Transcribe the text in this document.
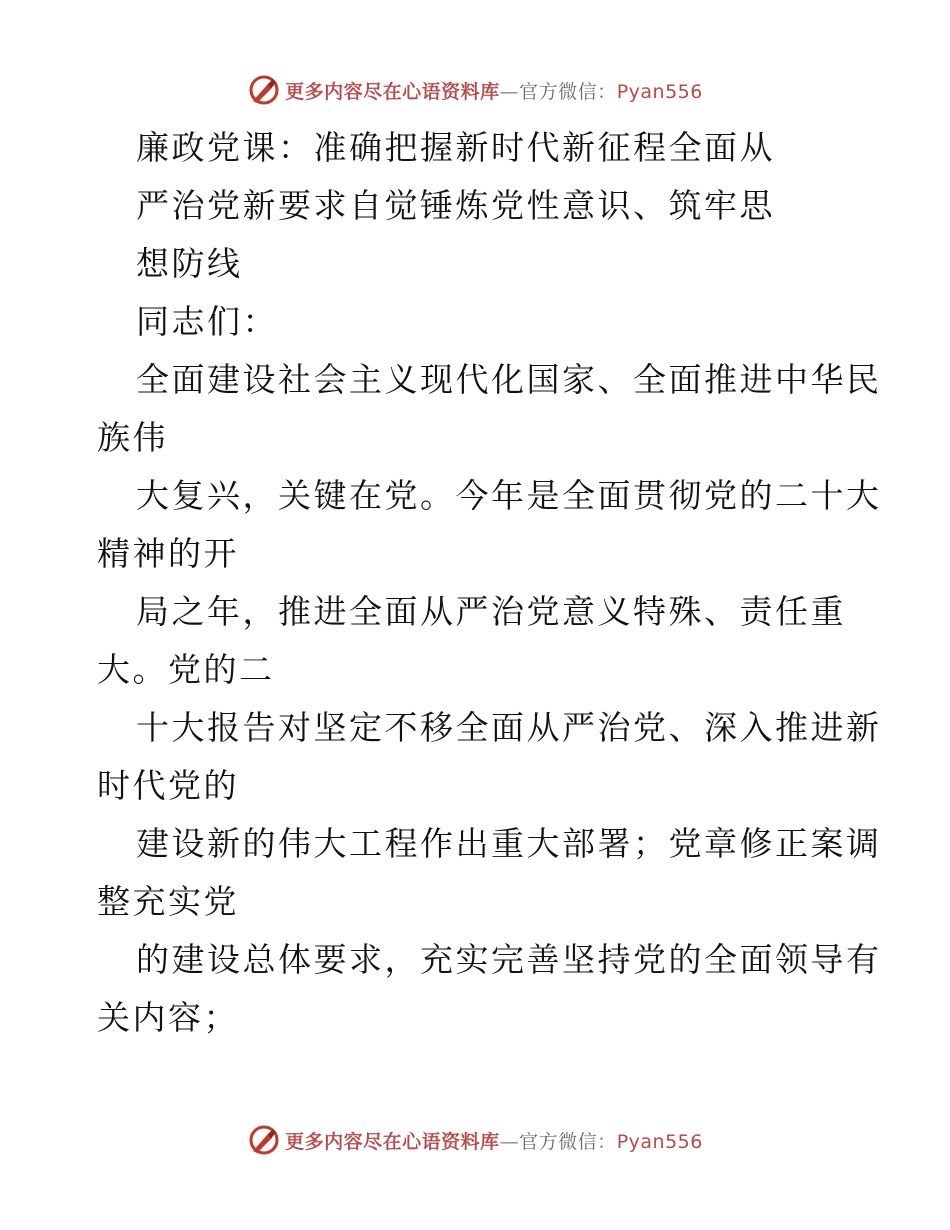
更多内容尽在心语资料库—官方微信：Pyan556
廉政党课：准确把握新时代新征程全面从
严治党新要求自觉锤炼党性意识、筑牢思
想防线
同志们：
全面建设社会主义现代化国家、全面推进中华民
族伟
大复兴，关键在党。今年是全面贯彻党的二十大
精神的开
局之年，推进全面从严治党意义特殊、责任重
大。党的二
十大报告对坚定不移全面从严治党、深入推进新
时代党的
建设新的伟大工程作出重大部署；党章修正案调
整充实党
的建设总体要求，充实完善坚持党的全面领导有
关内容；
更多内容尽在心语资料库—官方微信：Pyan556
